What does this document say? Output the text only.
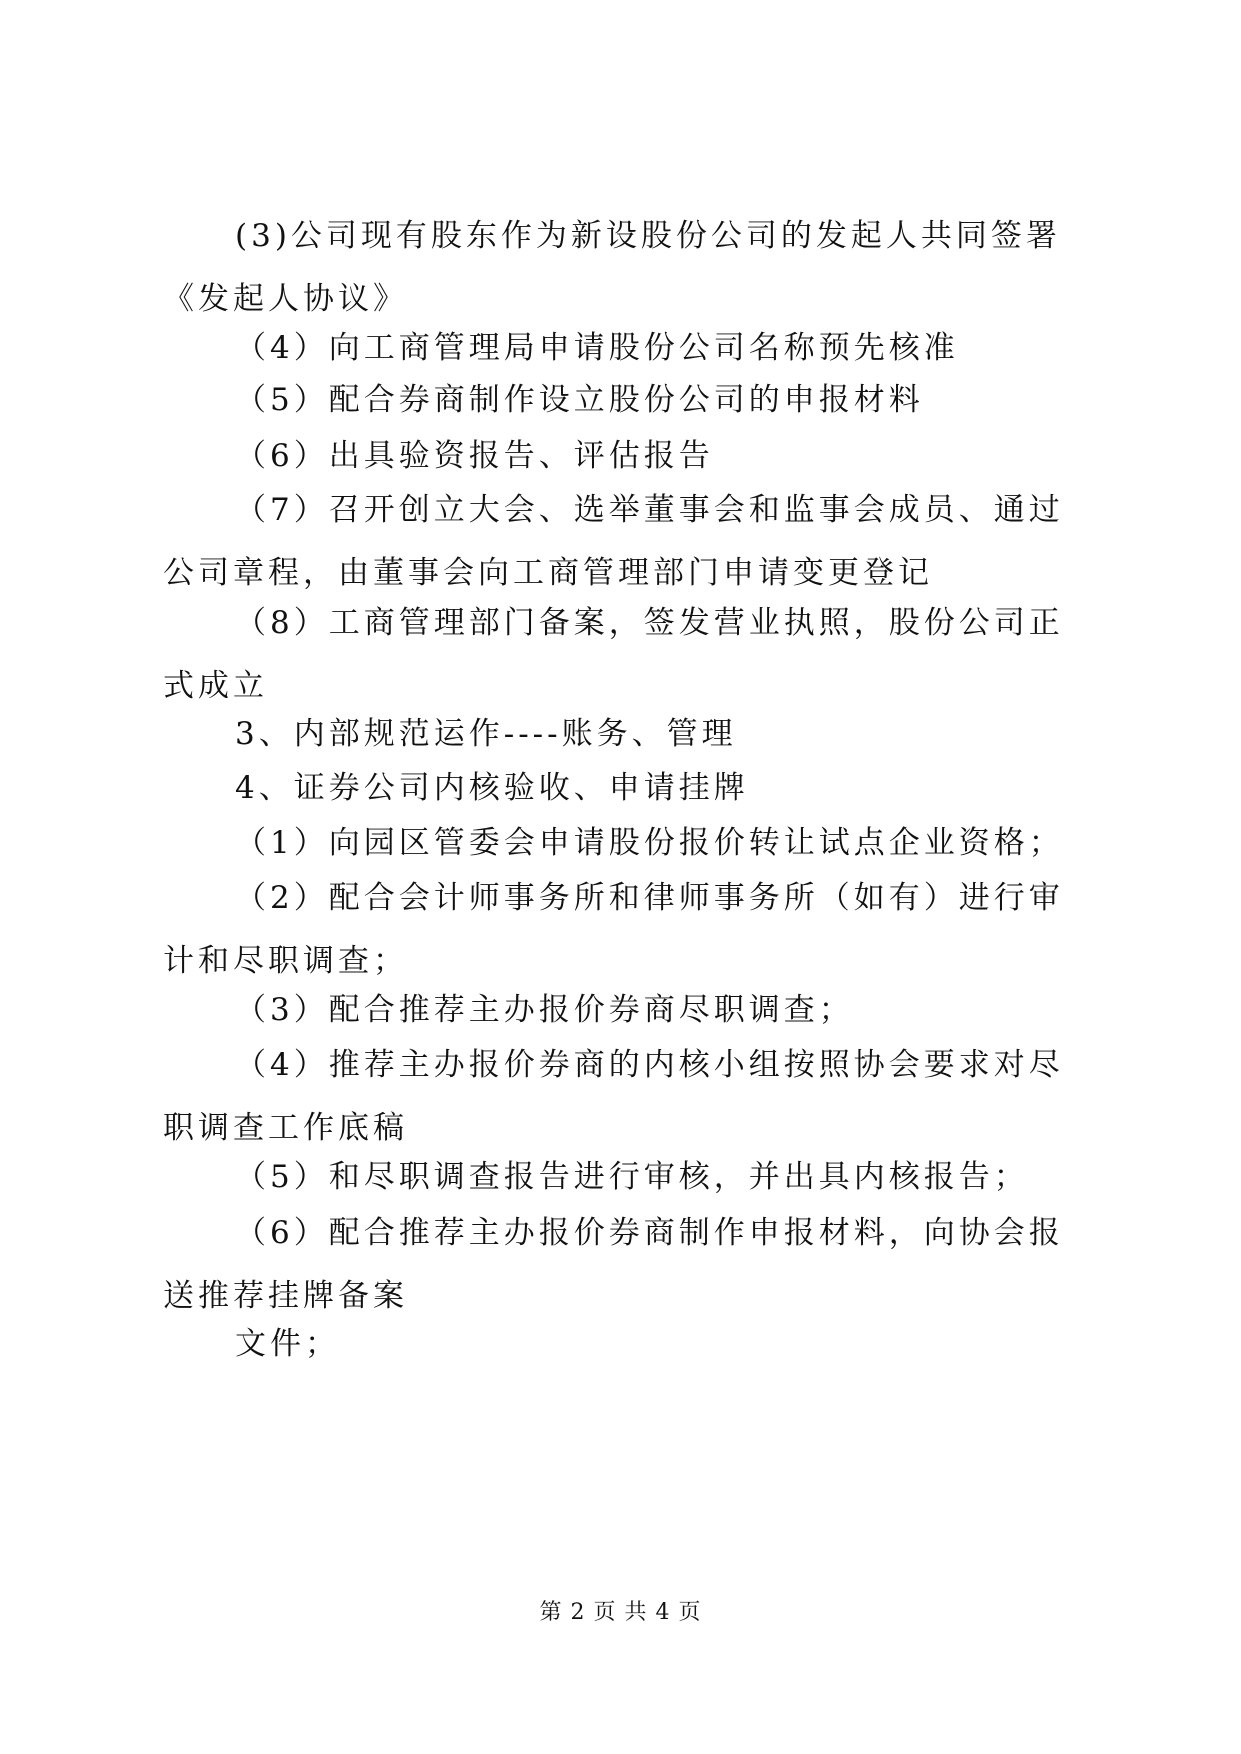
(3)公司现有股东作为新设股份公司的发起人共同签署《发起人协议》
（4）向工商管理局申请股份公司名称预先核准
（5）配合券商制作设立股份公司的申报材料
（6）出具验资报告、评估报告
（7）召开创立大会、选举董事会和监事会成员、通过公司章程，由董事会向工商管理部门申请变更登记
（8）工商管理部门备案，签发营业执照，股份公司正式成立
3、内部规范运作----账务、管理
4、证券公司内核验收、申请挂牌
（1）向园区管委会申请股份报价转让试点企业资格；
（2）配合会计师事务所和律师事务所（如有）进行审计和尽职调查；
（3）配合推荐主办报价券商尽职调查；
（4）推荐主办报价券商的内核小组按照协会要求对尽职调查工作底稿
（5）和尽职调查报告进行审核，并出具内核报告；
（6）配合推荐主办报价券商制作申报材料，向协会报送推荐挂牌备案
文件；
第 2 页 共 4 页
